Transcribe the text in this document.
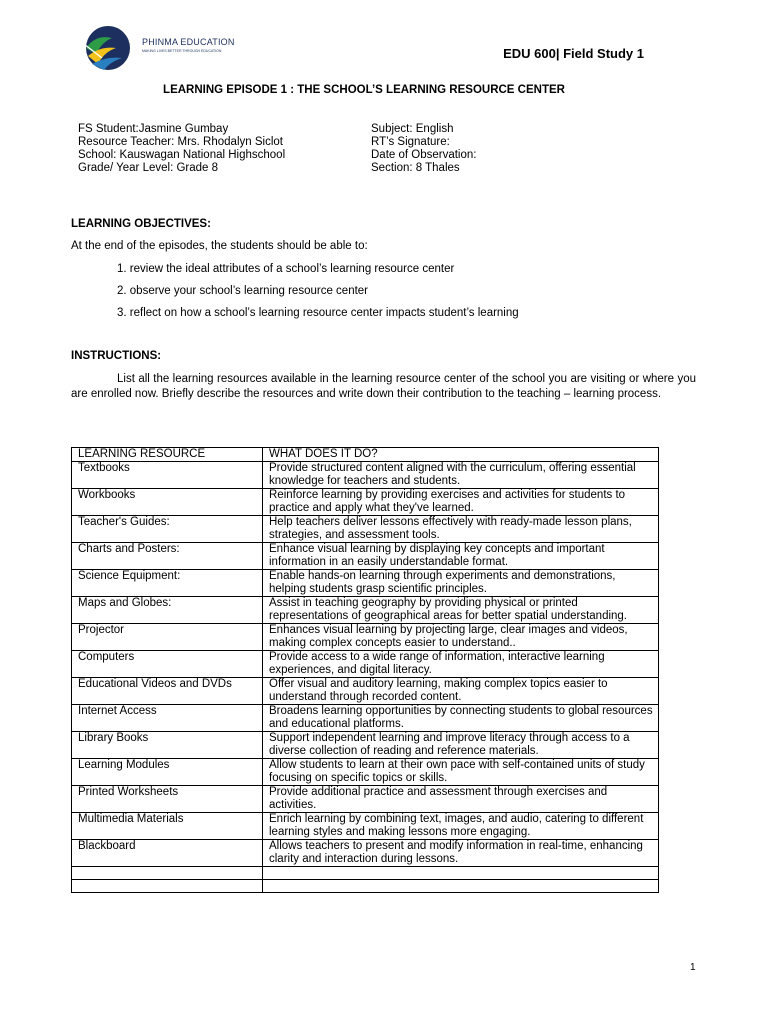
PHINMA EDUCATION
MAKING LIVES BETTER THROUGH EDUCATION	EDU 600| Field Study 1
LEARNING EPISODE 1 : THE SCHOOL’S LEARNING RESOURCE CENTER
FS Student:Jasmine Gumbay
Resource Teacher: Mrs. Rhodalyn Siclot
School: Kauswagan National Highschool
Grade/ Year Level: Grade 8
Subject: English
RT’s Signature:
Date of Observation:
Section: 8 Thales
LEARNING OBJECTIVES:
At the end of the episodes, the students should be able to:
1. review the ideal attributes of a school’s learning resource center
2. observe your school’s learning resource center
3. reflect on how a school’s learning resource center impacts student’s learning
INSTRUCTIONS:
List all the learning resources available in the learning resource center of the school you are visiting or where you are enrolled now. Briefly describe the resources and write down their contribution to the teaching – learning process.
LEARNING RESOURCE	WHAT DOES IT DO?
Textbooks	Provide structured content aligned with the curriculum, offering essential knowledge for teachers and students.
Workbooks	Reinforce learning by providing exercises and activities for students to practice and apply what they've learned.
Teacher's Guides:	Help teachers deliver lessons effectively with ready-made lesson plans, strategies, and assessment tools.
Charts and Posters:	Enhance visual learning by displaying key concepts and important information in an easily understandable format.
Science Equipment:	Enable hands-on learning through experiments and demonstrations, helping students grasp scientific principles.
Maps and Globes:	Assist in teaching geography by providing physical or printed representations of geographical areas for better spatial understanding.
Projector	Enhances visual learning by projecting large, clear images and videos, making complex concepts easier to understand..
Computers	Provide access to a wide range of information, interactive learning experiences, and digital literacy.
Educational Videos and DVDs	Offer visual and auditory learning, making complex topics easier to understand through recorded content.
Internet Access	Broadens learning opportunities by connecting students to global resources and educational platforms.
Library Books	Support independent learning and improve literacy through access to a diverse collection of reading and reference materials.
Learning Modules	Allow students to learn at their own pace with self-contained units of study focusing on specific topics or skills.
Printed Worksheets	Provide additional practice and assessment through exercises and activities.
Multimedia Materials	Enrich learning by combining text, images, and audio, catering to different learning styles and making lessons more engaging.
Blackboard	Allows teachers to present and modify information in real-time, enhancing clarity and interaction during lessons.

1
